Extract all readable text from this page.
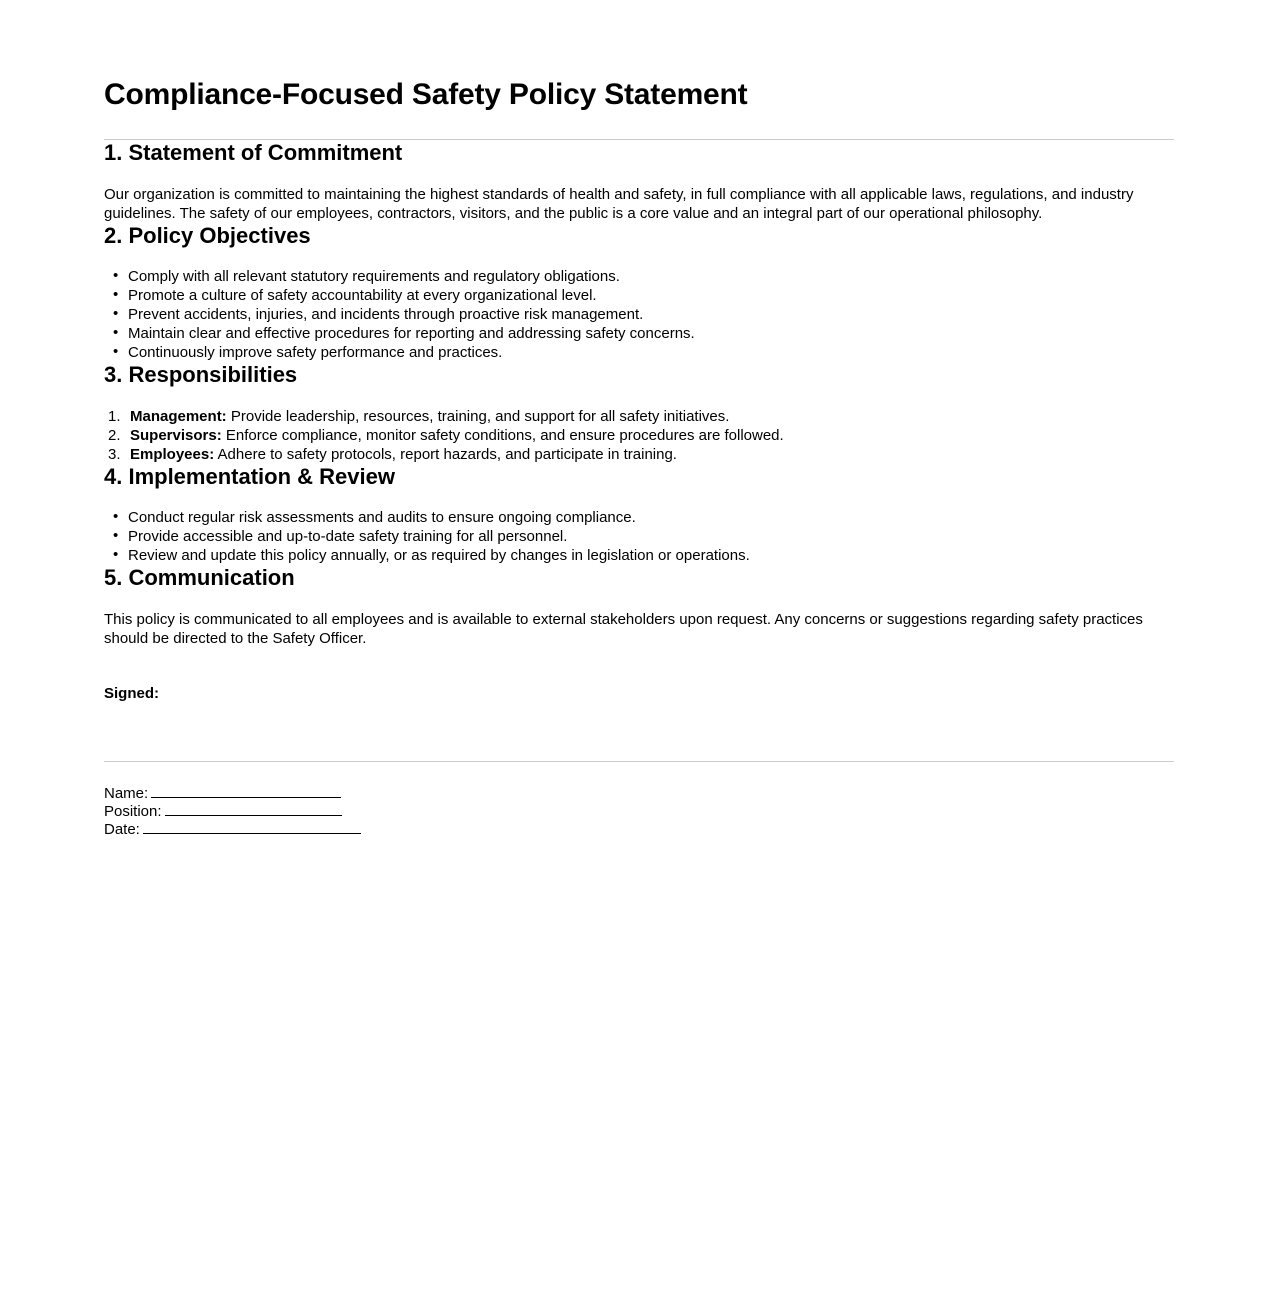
Compliance-Focused Safety Policy Statement
1. Statement of Commitment

Our organization is committed to maintaining the highest standards of health and safety, in full compliance with all applicable laws, regulations, and industry guidelines. The safety of our employees, contractors, visitors, and the public is a core value and an integral part of our operational philosophy.

2. Policy Objectives
• Comply with all relevant statutory requirements and regulatory obligations.
• Promote a culture of safety accountability at every organizational level.
• Prevent accidents, injuries, and incidents through proactive risk management.
• Maintain clear and effective procedures for reporting and addressing safety concerns.
• Continuously improve safety performance and practices.
3. Responsibilities
Management: Provide leadership, resources, training, and support for all safety initiatives.
Supervisors: Enforce compliance, monitor safety conditions, and ensure procedures are followed.
Employees: Adhere to safety protocols, report hazards, and participate in training.
4. Implementation & Review
• Conduct regular risk assessments and audits to ensure ongoing compliance.
• Provide accessible and up-to-date safety training for all personnel.
• Review and update this policy annually, or as required by changes in legislation or operations.
5. Communication

This policy is communicated to all employees and is available to external stakeholders upon request. Any concerns or suggestions regarding safety practices should be directed to the Safety Officer.

Signed:

Name:
Position:
Date:
